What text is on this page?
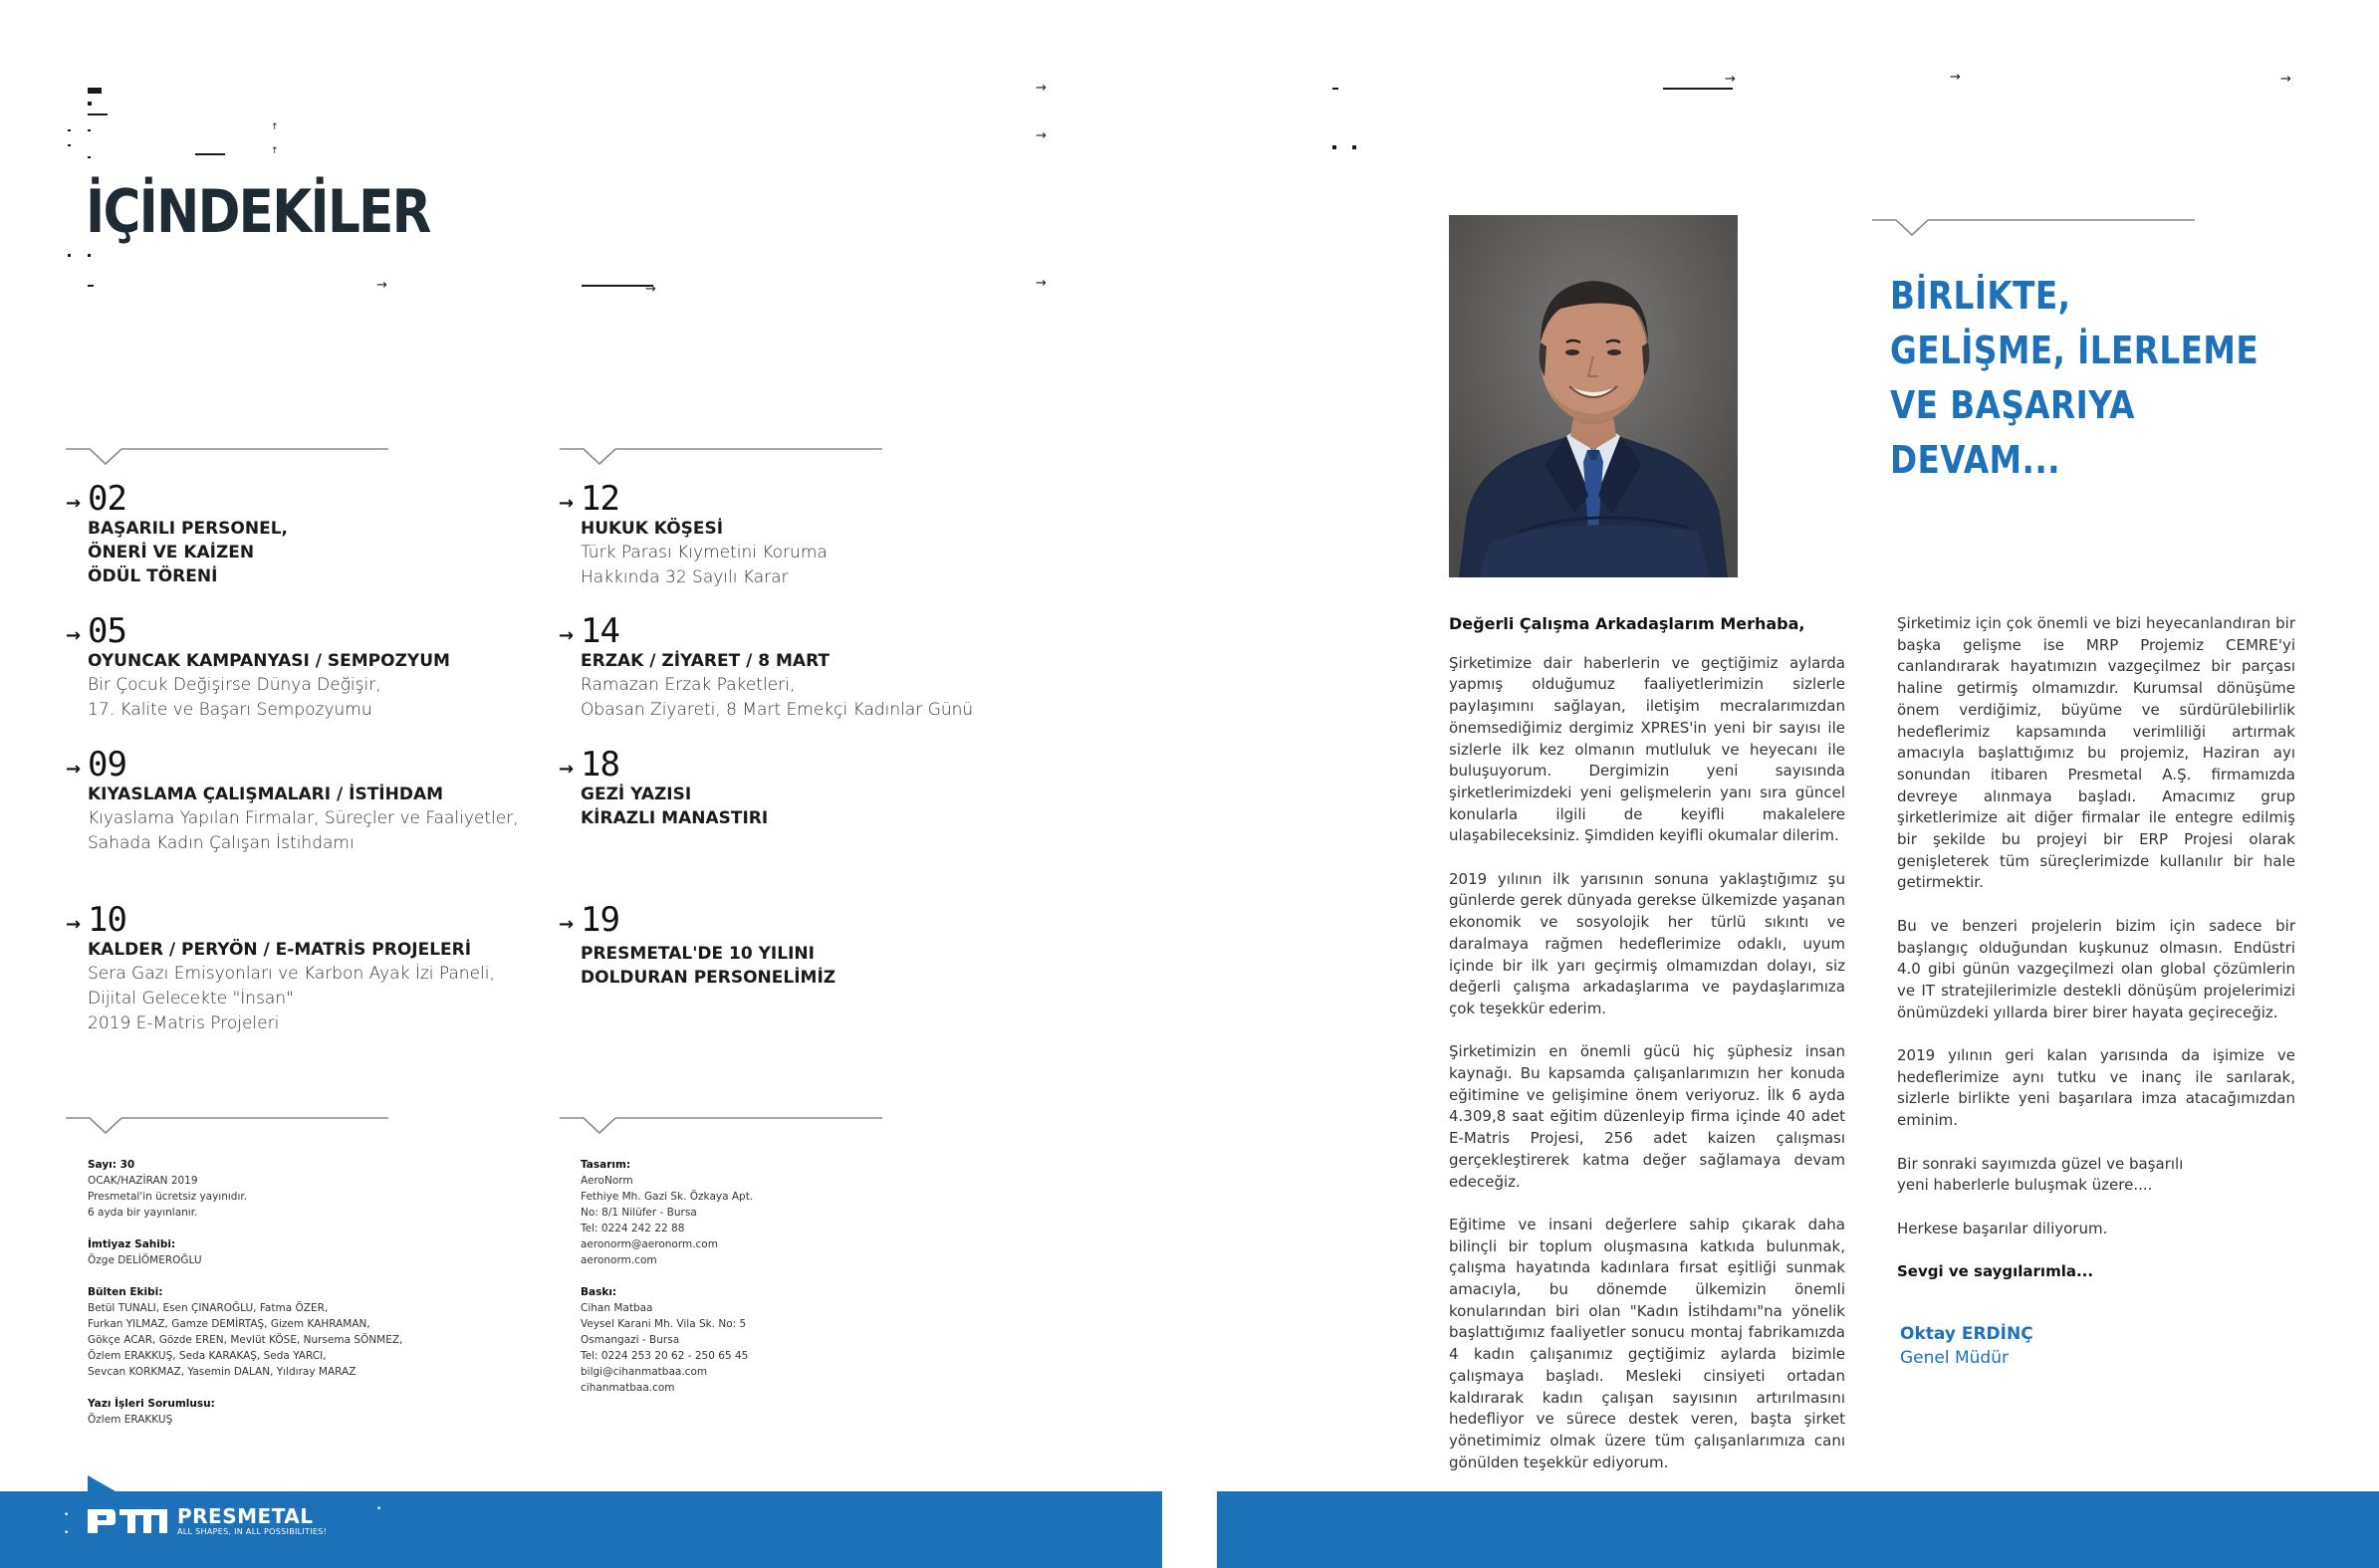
↑
↑
→	→
→
→
→
İÇİNDEKİLER
→ 02
BAŞARILI PERSONEL,
ÖNERİ VE KAİZEN
ÖDÜL TÖRENİ
→ 05
OYUNCAK KAMPANYASI / SEMPOZYUM
Bir Çocuk Değişirse Dünya Değişir,
17. Kalite ve Başarı Sempozyumu
→ 09
KIYASLAMA ÇALIŞMALARI / İSTİHDAM
Kıyaslama Yapılan Firmalar, Süreçler ve Faaliyetler,
Sahada Kadın Çalışan İstihdamı
→ 10
KALDER / PERYÖN / E-MATRİS PROJELERİ
Sera Gazı Emisyonları ve Karbon Ayak İzi Paneli,
Dijital Gelecekte "İnsan"
2019 E-Matris Projeleri
→ 12
HUKUK KÖŞESİ
Türk Parası Kıymetini Koruma
Hakkında 32 Sayılı Karar
→ 14
ERZAK / ZİYARET / 8 MART
Ramazan Erzak Paketleri,
Obasan Ziyareti, 8 Mart Emekçi Kadınlar Günü
→ 18
GEZİ YAZISI
KİRAZLI MANASTIRI
→ 19
PRESMETAL'DE 10 YILINI
DOLDURAN PERSONELİMİZ
Sayı: 30
OCAK/HAZİRAN 2019
Presmetal'in ücretsiz yayınıdır.
6 ayda bir yayınlanır.
İmtiyaz Sahibi:
Özge DELİÖMEROĞLU
Bülten Ekibi:
Betül TUNALI, Esen ÇINAROĞLU, Fatma ÖZER,
Furkan YILMAZ, Gamze DEMİRTAŞ, Gizem KAHRAMAN,
Gökçe ACAR, Gözde EREN, Mevlüt KÖSE, Nursema SÖNMEZ,
Özlem ERAKKUŞ, Seda KARAKAŞ, Seda YARCI,
Sevcan KORKMAZ, Yasemin DALAN, Yıldıray MARAZ
Yazı İşleri Sorumlusu:
Özlem ERAKKUŞ
Tasarım:
AeroNorm
Fethiye Mh. Gazi Sk. Özkaya Apt.
No: 8/1 Nilüfer - Bursa
Tel: 0224 242 22 88
aeronorm@aeronorm.com
aeronorm.com
Baskı:
Cihan Matbaa
Veysel Karani Mh. Vila Sk. No: 5
Osmangazi - Bursa
Tel: 0224 253 20 62 - 250 65 45
bilgi@cihanmatbaa.com
cihanmatbaa.com
•
•
•
PRESMETAL
ALL SHAPES, IN ALL POSSIBILITIES!
→	→	→
BİRLİKTE,
GELİŞME, İLERLEME
VE BAŞARIYA
DEVAM...

Değerli Çalışma Arkadaşlarım Merhaba,

Şirketimize dair haberlerin ve geçtiğimiz aylarda yapmış olduğumuz faaliyetlerimizin sizlerle paylaşımını sağlayan, iletişim mecralarımızdan önemsediğimiz dergimiz XPRES'in yeni bir sayısı ile sizlerle ilk kez olmanın mutluluk ve heyecanı ile buluşuyorum. Dergimizin yeni sayısında şirketlerimizdeki yeni gelişmelerin yanı sıra güncel konularla ilgili de keyifli makalelere ulaşabileceksiniz. Şimdiden keyifli okumalar dilerim.

2019 yılının ilk yarısının sonuna yaklaştığımız şu günlerde gerek dünyada gerekse ülkemizde yaşanan ekonomik ve sosyolojik her türlü sıkıntı ve daralmaya rağmen hedeflerimize odaklı, uyum içinde bir ilk yarı geçirmiş olmamızdan dolayı, siz değerli çalışma arkadaşlarıma ve paydaşlarımıza çok teşekkür ederim.

Şirketimizin en önemli gücü hiç şüphesiz insan kaynağı. Bu kapsamda çalışanlarımızın her konuda eğitimine ve gelişimine önem veriyoruz. İlk 6 ayda 4.309,8 saat eğitim düzenleyip firma içinde 40 adet E-Matris Projesi, 256 adet kaizen çalışması gerçekleştirerek katma değer sağlamaya devam edeceğiz.

Eğitime ve insani değerlere sahip çıkarak daha bilinçli bir toplum oluşmasına katkıda bulunmak, çalışma hayatında kadınlara fırsat eşitliği sunmak amacıyla, bu dönemde ülkemizin önemli konularından biri olan "Kadın İstihdamı"na yönelik başlattığımız faaliyetler sonucu montaj fabrikamızda 4 kadın çalışanımız geçtiğimiz aylarda bizimle çalışmaya başladı. Mesleki cinsiyeti ortadan kaldırarak kadın çalışan sayısının artırılmasını hedefliyor ve sürece destek veren, başta şirket yönetimimiz olmak üzere tüm çalışanlarımıza canı gönülden teşekkür ediyorum.

Şirketimiz için çok önemli ve bizi heyecanlandıran bir başka gelişme ise MRP Projemiz CEMRE'yi canlandırarak hayatımızın vazgeçilmez bir parçası haline getirmiş olmamızdır. Kurumsal dönüşüme önem verdiğimiz, büyüme ve sürdürülebilirlik hedeflerimiz kapsamında verimliliği artırmak amacıyla başlattığımız bu projemiz, Haziran ayı sonundan itibaren Presmetal A.Ş. firmamızda devreye alınmaya başladı. Amacımız grup şirketlerimize ait diğer firmalar ile entegre edilmiş bir şekilde bu projeyi bir ERP Projesi olarak genişleterek tüm süreçlerimizde kullanılır bir hale getirmektir.

Bu ve benzeri projelerin bizim için sadece bir başlangıç olduğundan kuşkunuz olmasın. Endüstri 4.0 gibi günün vazgeçilmezi olan global çözümlerin ve IT stratejilerimizle destekli dönüşüm projelerimizi önümüzdeki yıllarda birer birer hayata geçireceğiz.

2019 yılının geri kalan yarısında da işimize ve hedeflerimize aynı tutku ve inanç ile sarılarak, sizlerle birlikte yeni başarılara imza atacağımızdan eminim.

Bir sonraki sayımızda güzel ve başarılı
yeni haberlerle buluşmak üzere....

Herkese başarılar diliyorum.

Sevgi ve saygılarımla...

Oktay ERDİNÇ
Genel Müdür
